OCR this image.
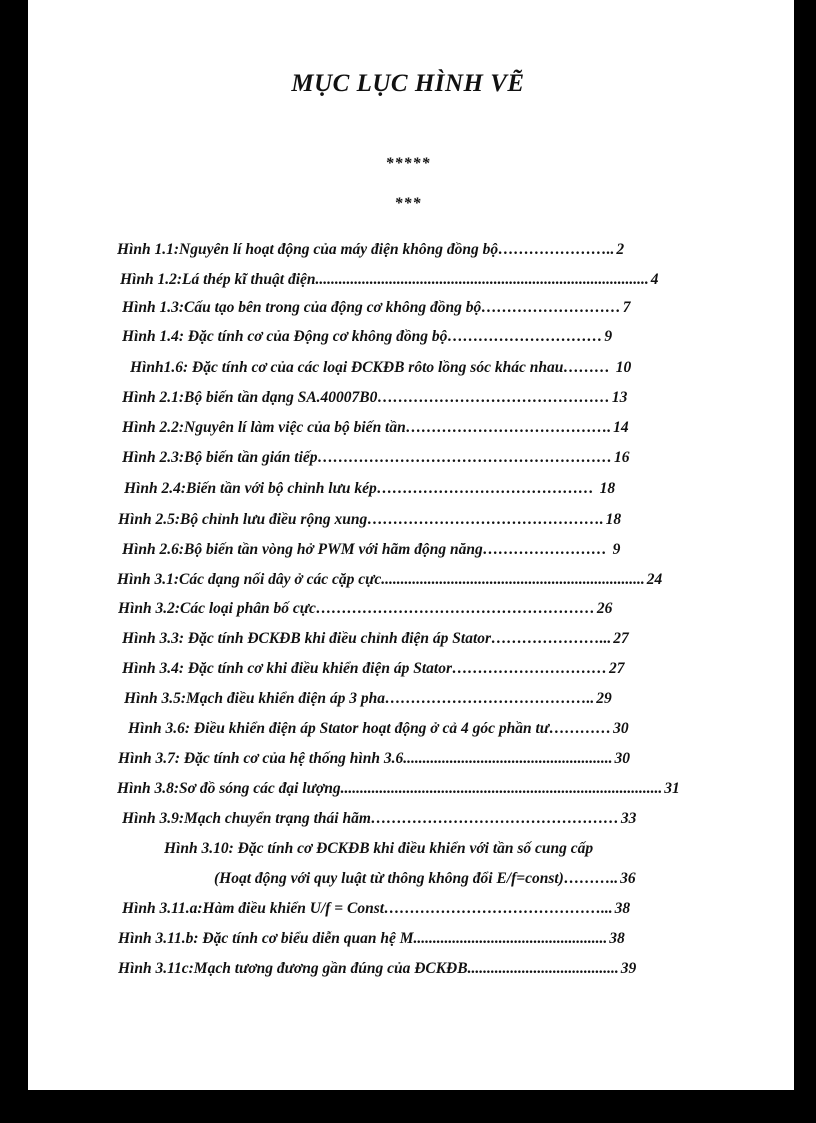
MỤC LỤC HÌNH VẼ
*****
***
Hình 1.1:Nguyên lí hoạt động của máy điện không đồng bộ………………….. 2
Hình 1.2:Lá thép kĩ thuật điện...................................................................................... 4
Hình 1.3:Cấu tạo bên trong của động cơ không đồng bộ……………………… 7
Hình 1.4: Đặc tính cơ của Động cơ không đồng bộ………………………… 9
Hình1.6: Đặc tính cơ của các loại ĐCKĐB rôto lồng sóc khác nhau……… 10
Hình 2.1:Bộ biến tần dạng SA.40007B0……………………………………… 13
Hình 2.2:Nguyên lí làm việc của bộ biến tần…………………………………. 14
Hình 2.3:Bộ biến tần gián tiếp………………………………………………… 16
Hình 2.4:Biến tần với bộ chỉnh lưu kép…………………………………… 18
Hình 2.5:Bộ chỉnh lưu điều rộng xung………………………………………. 18
Hình 2.6:Bộ biến tần vòng hở PWM với hãm động năng…………………… 9
Hình 3.1:Các dạng nối dây ở các cặp cực.................................................................... 24
Hình 3.2:Các loại phân bố cực……………………………………………… 26
Hình 3.3: Đặc tính ĐCKĐB khi điều chỉnh điện áp Stator…………………... 27
Hình 3.4: Đặc tính cơ khi điều khiển điện áp Stator………………………… 27
Hình 3.5:Mạch điều khiển điện áp 3 pha………………………………….. 29
Hình 3.6: Điều khiển điện áp Stator hoạt động ở cả 4 góc phần tư………… 30
Hình 3.7: Đặc tính cơ của hệ thống hình 3.6...................................................... 30
Hình 3.8:Sơ đồ sóng các đại lượng................................................................................... 31
Hình 3.9:Mạch chuyển trạng thái hãm………………………………………… 33
Hình 3.10: Đặc tính cơ ĐCKĐB khi điều khiển với tần số cung cấp
(Hoạt động với quy luật từ thông không đổi E/f=const)……….. 36
Hình 3.11.a:Hàm điều khiển U/f = Const……………………………………... 38
Hình 3.11.b: Đặc tính cơ biểu diễn quan hệ M.................................................. 38
Hình 3.11c:Mạch tương đương gần đúng của ĐCKĐB....................................... 39
